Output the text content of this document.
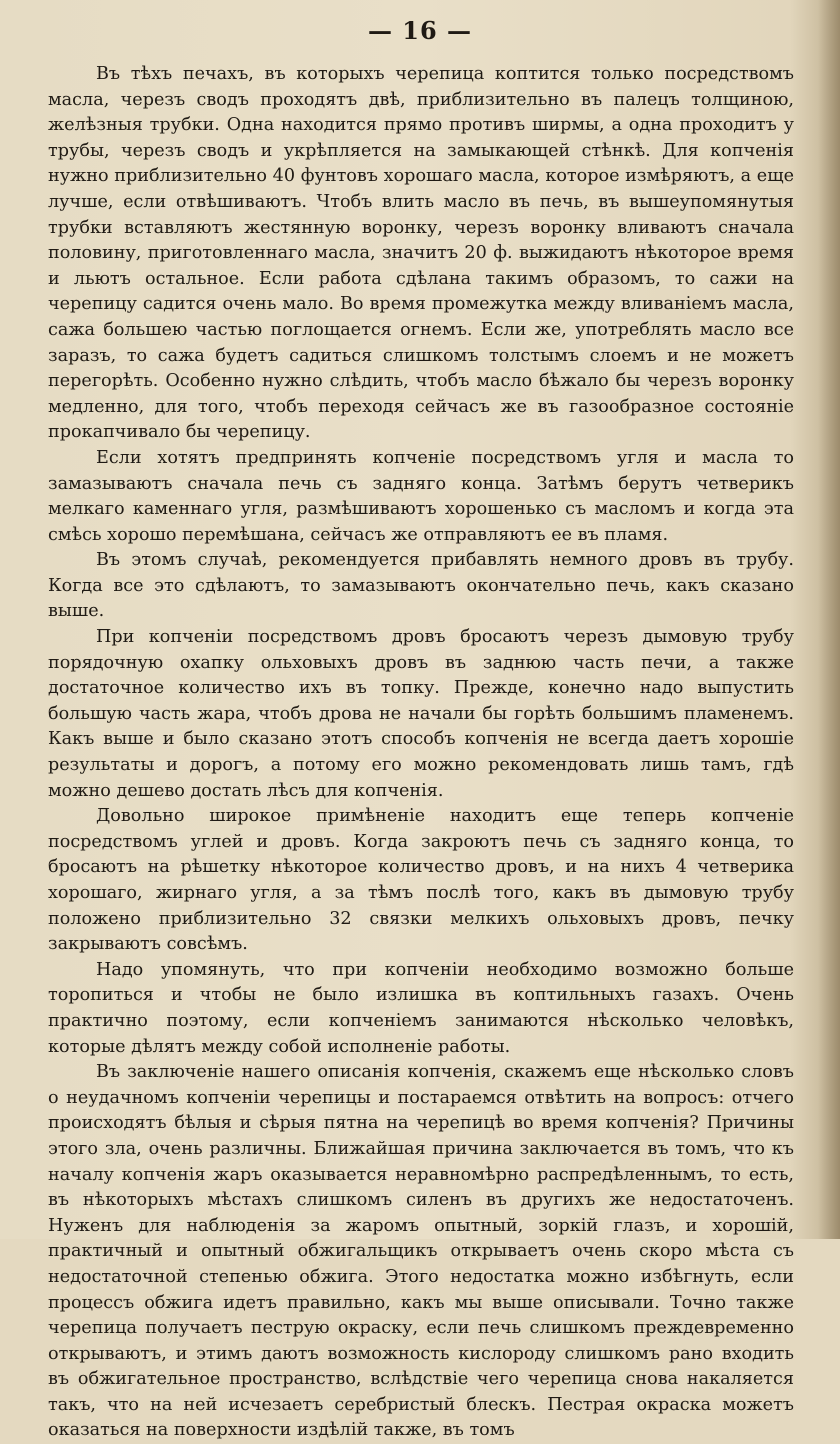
— 16 —

Въ тѣхъ печахъ, въ которыхъ черепица коптится только посредствомъ масла, черезъ сводъ проходятъ двѣ, приблизительно въ палецъ толщиною, желѣзныя трубки. Одна находится прямо противъ ширмы, а одна проходитъ у трубы, черезъ сводъ и укрѣпляется на замыкающей стѣнкѣ. Для копченія нужно приблизительно 40 фунтовъ хорошаго масла, которое измѣряютъ, а еще лучше, если отвѣшиваютъ. Чтобъ влить масло въ печь, въ вышеупомянутыя трубки вставляютъ жестянную воронку, черезъ воронку вливаютъ сначала половину, приготовленнаго масла, значитъ 20 ф. выжидаютъ нѣкоторое время и льютъ остальное. Если работа сдѣлана такимъ образомъ, то сажи на черепицу садится очень мало. Во время промежутка между вливаніемъ масла, сажа большею частью поглощается огнемъ. Если же, употреблять масло все заразъ, то сажа будетъ садиться слишкомъ толстымъ слоемъ и не можетъ перегорѣть. Особенно нужно слѣдить, чтобъ масло бѣжало бы черезъ воронку медленно, для того, чтобъ переходя сейчасъ же въ газообразное состояніе прокапчивало бы черепицу.

Если хотятъ предпринять копченіе посредствомъ угля и масла то замазываютъ сначала печь съ задняго конца. Затѣмъ берутъ четверикъ мелкаго каменнаго угля, размѣшиваютъ хорошенько съ масломъ и когда эта смѣсь хорошо перемѣшана, сейчасъ же отправляютъ ее въ пламя.

Въ этомъ случаѣ, рекомендуется прибавлять немного дровъ въ трубу. Когда все это сдѣлаютъ, то замазываютъ окончательно печь, какъ сказано выше.

При копченіи посредствомъ дровъ бросаютъ черезъ дымовую трубу порядочную охапку ольховыхъ дровъ въ заднюю часть печи, а также достаточное количество ихъ въ топку. Прежде, конечно надо выпустить большую часть жара, чтобъ дрова не начали бы горѣть большимъ пламенемъ. Какъ выше и было сказано этотъ способъ копченія не всегда даетъ хорошіе результаты и дорогъ, а потому его можно рекомендовать лишь тамъ, гдѣ можно дешево достать лѣсъ для копченія.

Довольно широкое примѣненіе находитъ еще теперь копченіе посредствомъ углей и дровъ. Когда закроютъ печь съ задняго конца, то бросаютъ на рѣшетку нѣкоторое количество дровъ, и на нихъ 4 четверика хорошаго, жирнаго угля, а за тѣмъ послѣ того, какъ въ дымовую трубу положено приблизительно 32 связки мелкихъ ольховыхъ дровъ, печку закрываютъ совсѣмъ.

Надо упомянуть, что при копченіи необходимо возможно больше торопиться и чтобы не было излишка въ коптильныхъ газахъ. Очень практично поэтому, если копченіемъ занимаются нѣсколько человѣкъ, которые дѣлятъ между собой исполненіе работы.

Въ заключеніе нашего описанія копченія, скажемъ еще нѣсколько словъ о неудачномъ копченіи черепицы и постараемся отвѣтить на вопросъ: отчего происходятъ бѣлыя и сѣрыя пятна на черепицѣ во время копченія? Причины этого зла, очень различны. Ближайшая причина заключается въ томъ, что къ началу копченія жаръ оказывается неравномѣрно распредѣленнымъ, то есть, въ нѣкоторыхъ мѣстахъ слишкомъ силенъ въ другихъ же недостаточенъ. Нуженъ для наблюденія за жаромъ опытный, зоркій глазъ, и хорошій, практичный и опытный обжигальщикъ открываетъ очень скоро мѣста съ недостаточной степенью обжига. Этого недостатка можно избѣгнуть, если процессъ обжига идетъ правильно, какъ мы выше описывали. Точно также черепица получаетъ пеструю окраску, если печь слишкомъ преждевременно открываютъ, и этимъ даютъ возможность кислороду слишкомъ рано входить въ обжигательное пространство, вслѣдствіе чего черепица снова накаляется такъ, что на ней исчезаетъ серебристый блескъ. Пестрая окраска можетъ оказаться на поверхности издѣлій также, въ томъ
